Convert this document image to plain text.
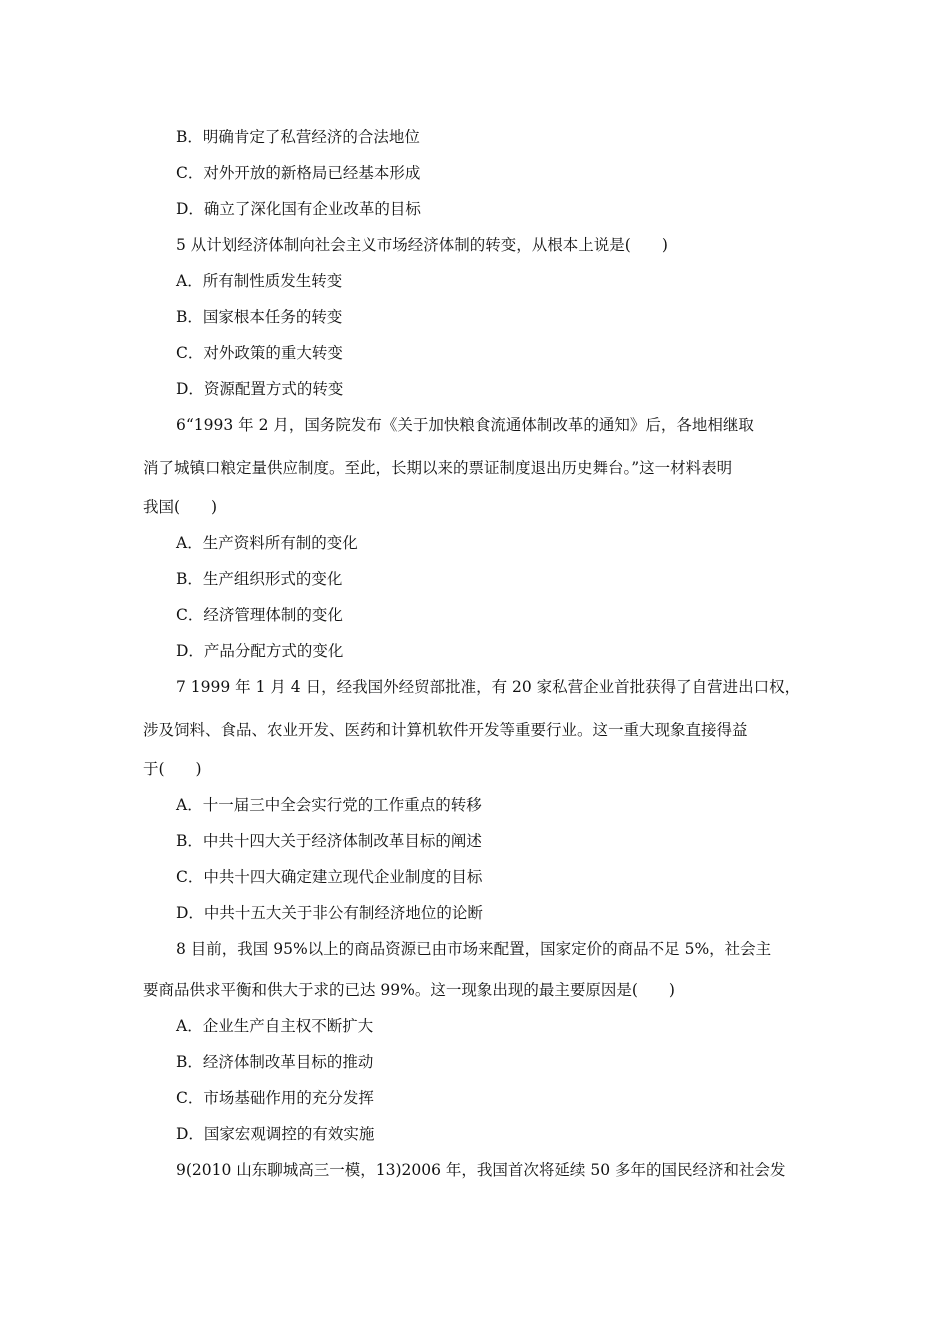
B．明确肯定了私营经济的合法地位
C．对外开放的新格局已经基本形成
D．确立了深化国有企业改革的目标
5 从计划经济体制向社会主义市场经济体制的转变，从根本上说是(　　)
A．所有制性质发生转变
B．国家根本任务的转变
C．对外政策的重大转变
D．资源配置方式的转变
6“1993 年 2 月，国务院发布《关于加快粮食流通体制改革的通知》后，各地相继取
消了城镇口粮定量供应制度。至此，长期以来的票证制度退出历史舞台。”这一材料表明
我国(　　)
A．生产资料所有制的变化
B．生产组织形式的变化
C．经济管理体制的变化
D．产品分配方式的变化
7 1999 年 1 月 4 日，经我国外经贸部批准，有 20 家私营企业首批获得了自营进出口权，
涉及饲料、食品、农业开发、医药和计算机软件开发等重要行业。这一重大现象直接得益
于(　　)
A．十一届三中全会实行党的工作重点的转移
B．中共十四大关于经济体制改革目标的阐述
C．中共十四大确定建立现代企业制度的目标
D．中共十五大关于非公有制经济地位的论断
8 目前，我国 95%以上的商品资源已由市场来配置，国家定价的商品不足 5%，社会主
要商品供求平衡和供大于求的已达 99%。这一现象出现的最主要原因是(　　)
A．企业生产自主权不断扩大
B．经济体制改革目标的推动
C．市场基础作用的充分发挥
D．国家宏观调控的有效实施
9(2010 山东聊城高三一模，13)2006 年，我国首次将延续 50 多年的国民经济和社会发
